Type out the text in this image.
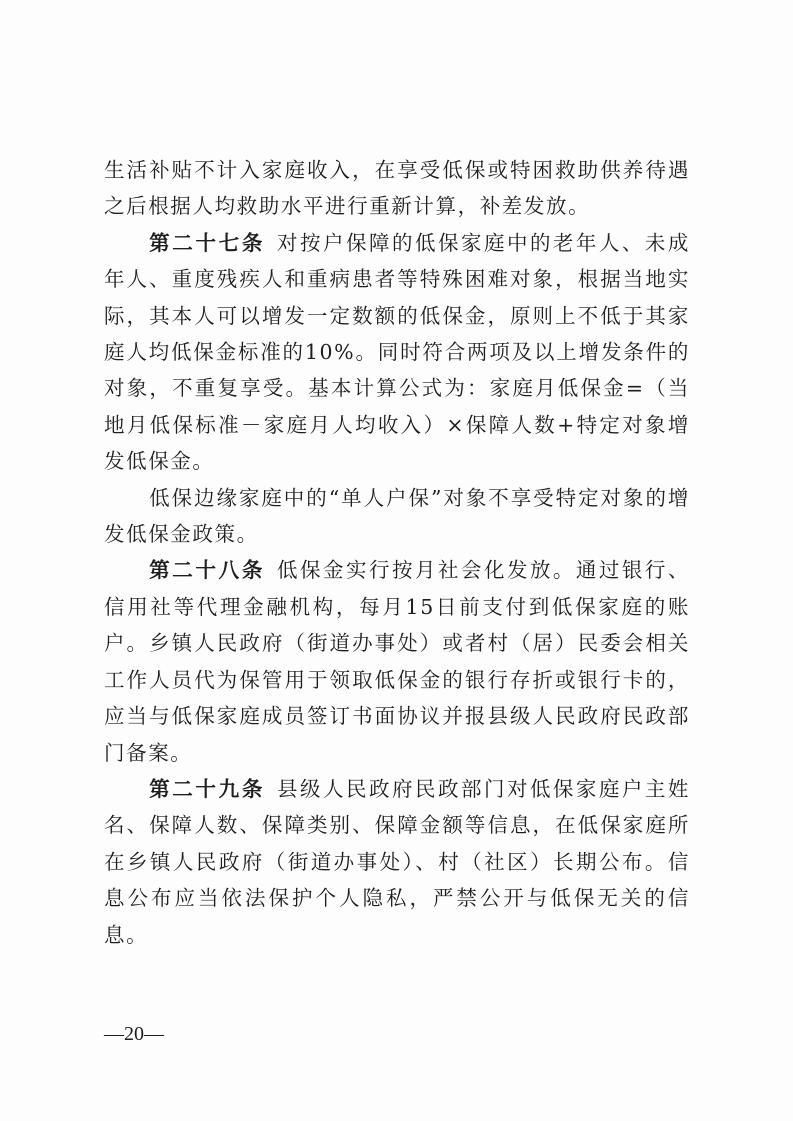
生活补贴不计入家庭收入，在享受低保或特困救助供养待遇之后根据人均救助水平进行重新计算，补差发放。

第二十七条 对按户保障的低保家庭中的老年人、未成年人、重度残疾人和重病患者等特殊困难对象，根据当地实际，其本人可以增发一定数额的低保金，原则上不低于其家庭人均低保金标准的10%。同时符合两项及以上增发条件的对象，不重复享受。基本计算公式为：家庭月低保金=（当地月低保标准－家庭月人均收入）×保障人数+特定对象增发低保金。

低保边缘家庭中的“单人户保”对象不享受特定对象的增发低保金政策。

第二十八条 低保金实行按月社会化发放。通过银行、信用社等代理金融机构，每月15日前支付到低保家庭的账户。乡镇人民政府（街道办事处）或者村（居）民委会相关工作人员代为保管用于领取低保金的银行存折或银行卡的，应当与低保家庭成员签订书面协议并报县级人民政府民政部门备案。

第二十九条 县级人民政府民政部门对低保家庭户主姓名、保障人数、保障类别、保障金额等信息，在低保家庭所在乡镇人民政府（街道办事处）、村（社区）长期公布。信息公布应当依法保护个人隐私，严禁公开与低保无关的信息。

—20—
